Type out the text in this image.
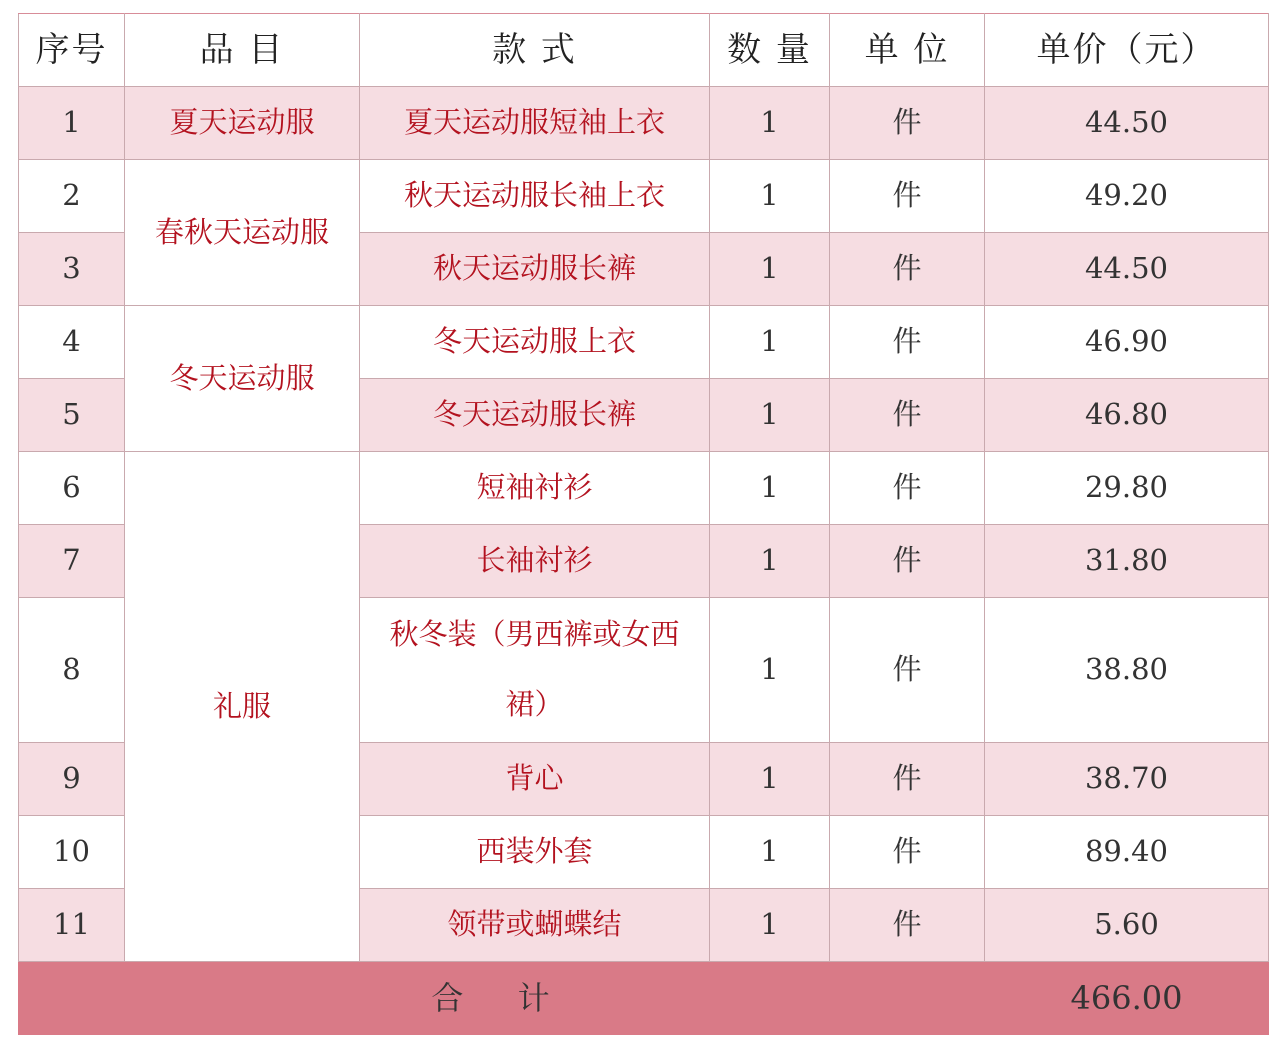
序号	品 目	款 式	数 量	单 位	单价（元）
1	夏天运动服	夏天运动服短袖上衣	1	件	44.50
2	春秋天运动服	秋天运动服长袖上衣	1	件	49.20
3		秋天运动服长裤	1	件	44.50
4	冬天运动服	冬天运动服上衣	1	件	46.90
5		冬天运动服长裤	1	件	46.80
6	礼服	短袖衬衫	1	件	29.80
7		长袖衬衫	1	件	31.80
8		秋冬装（男西裤或女西裙）	1	件	38.80
9		背心	1	件	38.70
10		西装外套	1	件	89.40
11		领带或蝴蝶结	1	件	5.60
合 计					466.00
